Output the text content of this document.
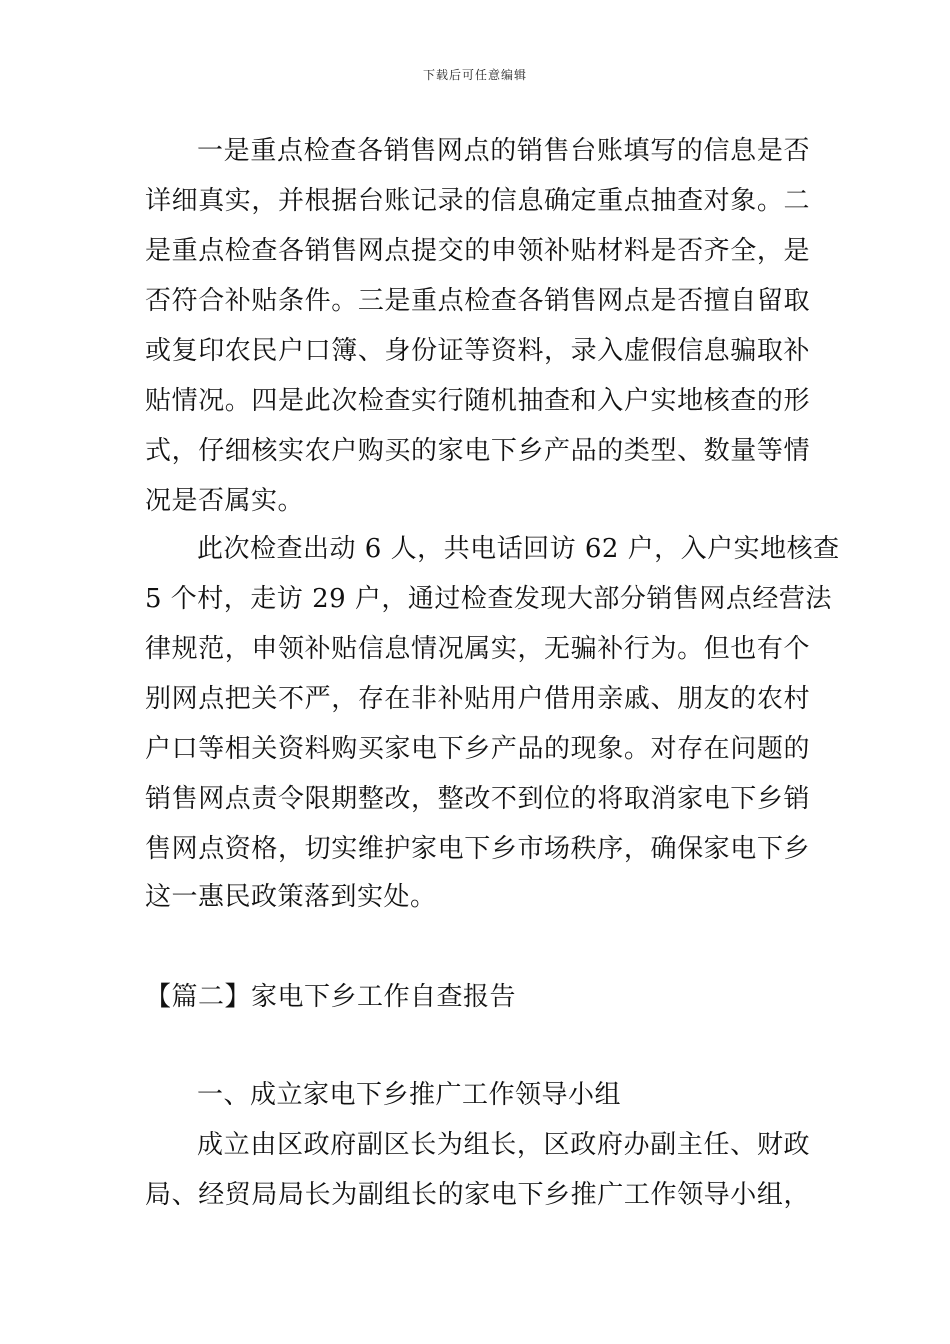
下载后可任意编辑
一是重点检查各销售网点的销售台账填写的信息是否
详细真实，并根据台账记录的信息确定重点抽查对象。二
是重点检查各销售网点提交的申领补贴材料是否齐全，是
否符合补贴条件。三是重点检查各销售网点是否擅自留取
或复印农民户口簿、身份证等资料，录入虚假信息骗取补
贴情况。四是此次检查实行随机抽查和入户实地核查的形
式，仔细核实农户购买的家电下乡产品的类型、数量等情
况是否属实。
此次检查出动 6 人，共电话回访 62 户，入户实地核查
5 个村，走访 29 户，通过检查发现大部分销售网点经营法
律规范，申领补贴信息情况属实，无骗补行为。但也有个
别网点把关不严，存在非补贴用户借用亲戚、朋友的农村
户口等相关资料购买家电下乡产品的现象。对存在问题的
销售网点责令限期整改，整改不到位的将取消家电下乡销
售网点资格，切实维护家电下乡市场秩序，确保家电下乡
这一惠民政策落到实处。
【篇二】家电下乡工作自查报告
一、成立家电下乡推广工作领导小组
成立由区政府副区长为组长，区政府办副主任、财政
局、经贸局局长为副组长的家电下乡推广工作领导小组，
